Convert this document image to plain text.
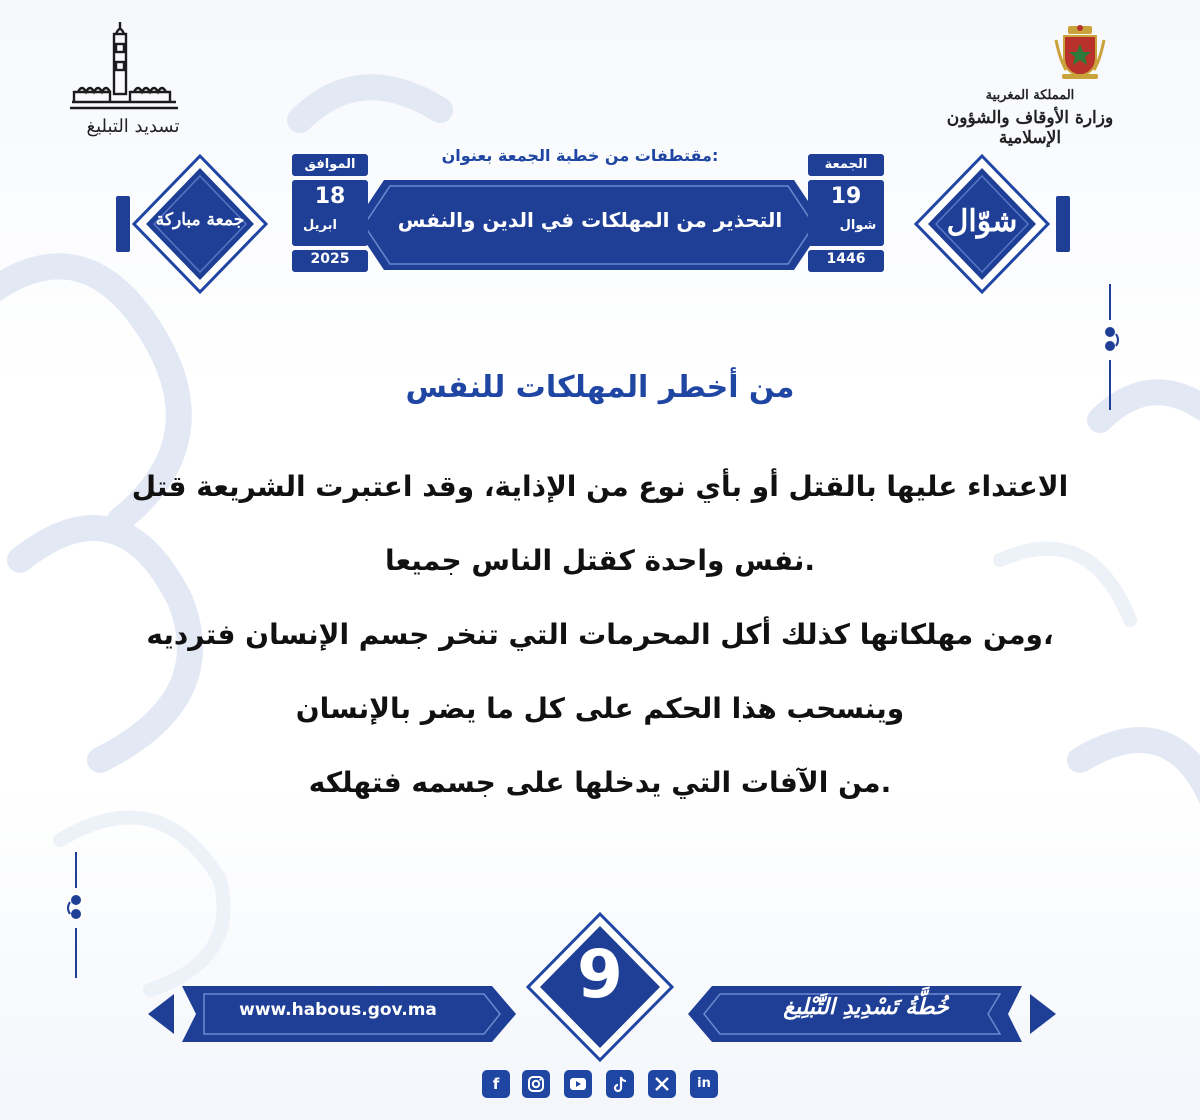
المملكة المغربية
وزارة الأوقاف والشؤون الإسلامية
تسديد التبليغ
مقتطفات من خطبة الجمعة بعنوان:
جمعة مباركة	شوّال
التحذير من المهلكات في الدين والنفس
الجمعة
19
شوال
1446
الموافق
18
ابريل
2025
من أخطر المهلكات للنفس
الاعتداء عليها بالقتل أو بأي نوع من الإذاية، وقد اعتبرت الشريعة قتل
نفس واحدة كقتل الناس جميعا.
ومن مهلكاتها كذلك أكل المحرمات التي تنخر جسم الإنسان فترديه،
وينسحب هذا الحكم على كل ما يضر بالإنسان
من الآفات التي يدخلها على جسمه فتهلكه.
www.habous.gov.ma	خُطَّةُ تَسْدِيدِ التَّبْلِيغ
9
f	in
